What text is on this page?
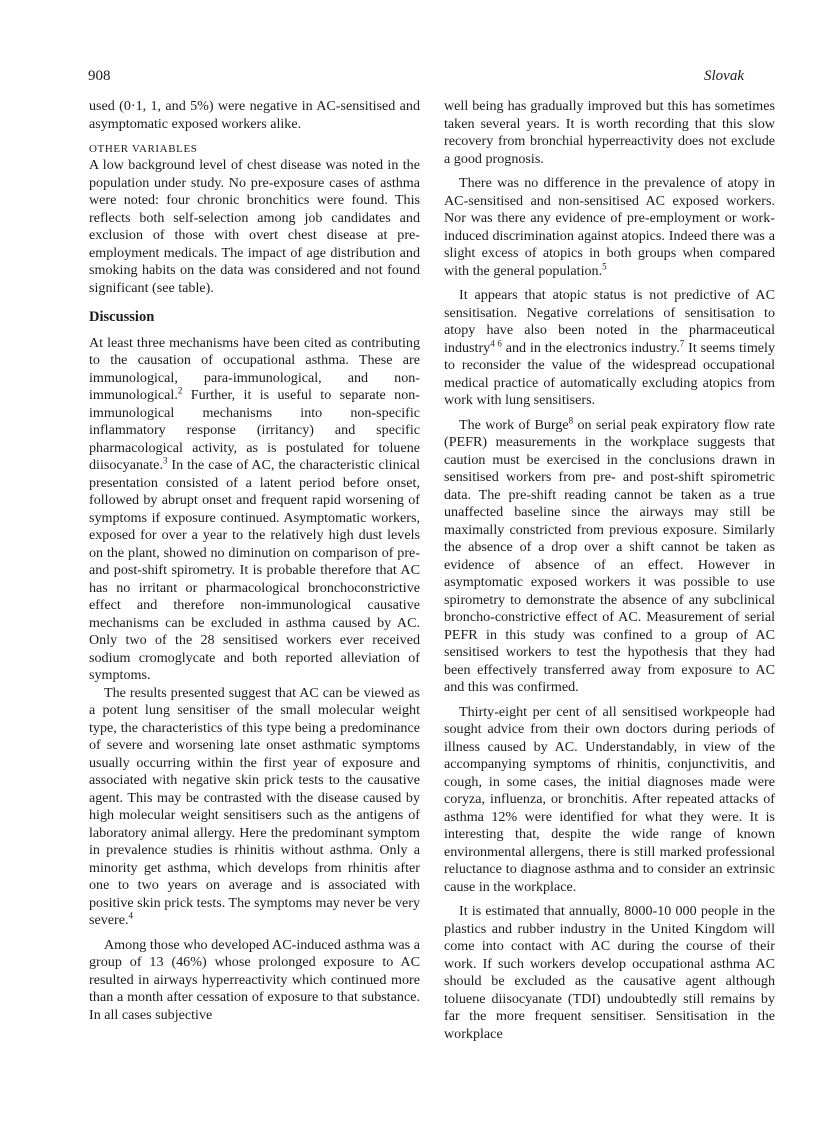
908	Slovak

used (0·1, 1, and 5%) were negative in AC-sensitised and asymptomatic exposed workers alike.

OTHER VARIABLES

A low background level of chest disease was noted in the population under study. No pre-exposure cases of asthma were noted: four chronic bronchitics were found. This reflects both self-selection among job candidates and exclusion of those with overt chest disease at pre-employment medicals. The impact of age distribution and smoking habits on the data was considered and not found significant (see table).

Discussion

At least three mechanisms have been cited as contributing to the causation of occupational asthma. These are immunological, para-immunological, and non-immunological.$^2$ Further, it is useful to separate non-immunological mechanisms into non-specific inflammatory response (irritancy) and specific pharmacological activity, as is postulated for toluene diisocyanate.$^3$ In the case of AC, the characteristic clinical presentation consisted of a latent period before onset, followed by abrupt onset and frequent rapid worsening of symptoms if exposure continued. Asymptomatic workers, exposed for over a year to the relatively high dust levels on the plant, showed no diminution on comparison of pre- and post-shift spirometry. It is probable therefore that AC has no irritant or pharmacological bronchoconstrictive effect and therefore non-immunological causative mechanisms can be excluded in asthma caused by AC. Only two of the 28 sensitised workers ever received sodium cromoglycate and both reported alleviation of symptoms.

The results presented suggest that AC can be viewed as a potent lung sensitiser of the small molecular weight type, the characteristics of this type being a predominance of severe and worsening late onset asthmatic symptoms usually occurring within the first year of exposure and associated with negative skin prick tests to the causative agent. This may be contrasted with the disease caused by high molecular weight sensitisers such as the antigens of laboratory animal allergy. Here the predominant symptom in prevalence studies is rhinitis without asthma. Only a minority get asthma, which develops from rhinitis after one to two years on average and is associated with positive skin prick tests. The symptoms may never be very severe.$^4$

Among those who developed AC-induced asthma was a group of 13 (46%) whose prolonged exposure to AC resulted in airways hyperreactivity which continued more than a month after cessation of exposure to that substance. In all cases subjective

well being has gradually improved but this has sometimes taken several years. It is worth recording that this slow recovery from bronchial hyperreactivity does not exclude a good prognosis.

There was no difference in the prevalence of atopy in AC-sensitised and non-sensitised AC exposed workers. Nor was there any evidence of pre-employment or work-induced discrimination against atopics. Indeed there was a slight excess of atopics in both groups when compared with the general population.$^5$

It appears that atopic status is not predictive of AC sensitisation. Negative correlations of sensitisation to atopy have also been noted in the pharmaceutical industry$^{4 6}$ and in the electronics industry.$^7$ It seems timely to reconsider the value of the widespread occupational medical practice of automatically excluding atopics from work with lung sensitisers.

The work of Burge$^8$ on serial peak expiratory flow rate (PEFR) measurements in the workplace suggests that caution must be exercised in the conclusions drawn in sensitised workers from pre- and post-shift spirometric data. The pre-shift reading cannot be taken as a true unaffected baseline since the airways may still be maximally constricted from previous exposure. Similarly the absence of a drop over a shift cannot be taken as evidence of absence of an effect. However in asymptomatic exposed workers it was possible to use spirometry to demonstrate the absence of any subclinical broncho-constrictive effect of AC. Measurement of serial PEFR in this study was confined to a group of AC sensitised workers to test the hypothesis that they had been effectively transferred away from exposure to AC and this was confirmed.

Thirty-eight per cent of all sensitised workpeople had sought advice from their own doctors during periods of illness caused by AC. Understandably, in view of the accompanying symptoms of rhinitis, conjunctivitis, and cough, in some cases, the initial diagnoses made were coryza, influenza, or bronchitis. After repeated attacks of asthma 12% were identified for what they were. It is interesting that, despite the wide range of known environmental allergens, there is still marked professional reluctance to diagnose asthma and to consider an extrinsic cause in the workplace.

It is estimated that annually, 8000-10 000 people in the plastics and rubber industry in the United Kingdom will come into contact with AC during the course of their work. If such workers develop occupational asthma AC should be excluded as the causative agent although toluene diisocyanate (TDI) undoubtedly still remains by far the more frequent sensitiser. Sensitisation in the workplace
